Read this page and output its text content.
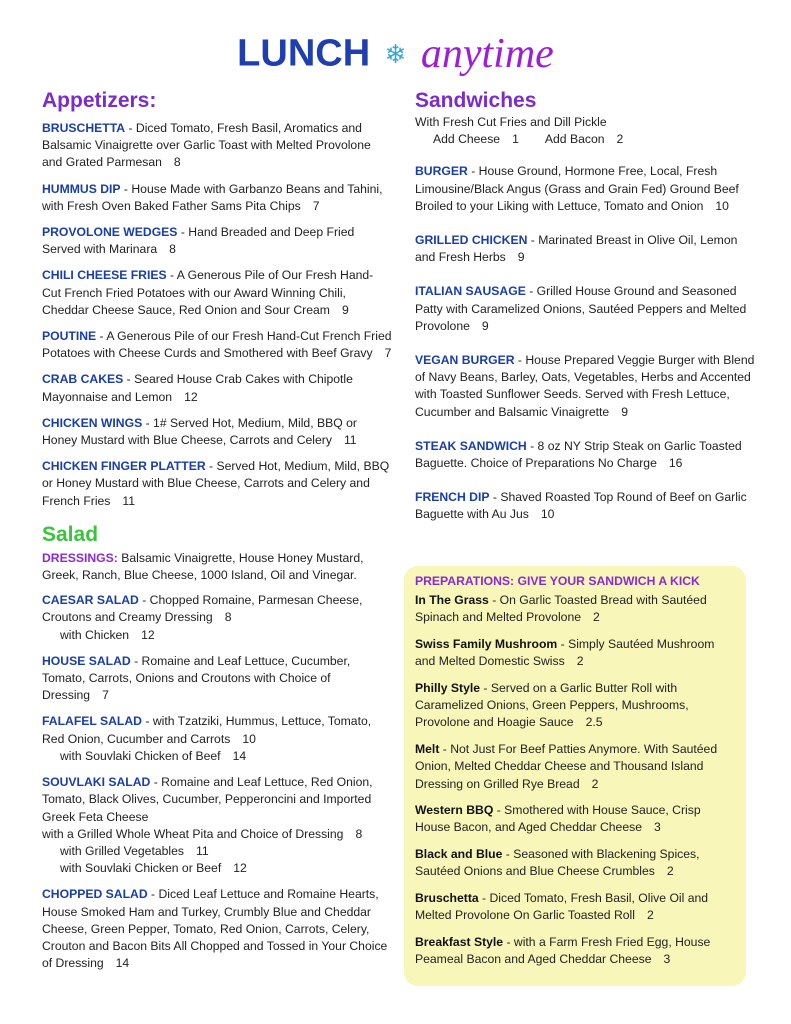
LUNCH ❄ anytime
Appetizers:
BRUSCHETTA - Diced Tomato, Fresh Basil, Aromatics and Balsamic Vinaigrette over Garlic Toast with Melted Provolone and Grated Parmesan 8
HUMMUS DIP - House Made with Garbanzo Beans and Tahini, with Fresh Oven Baked Father Sams Pita Chips 7
PROVOLONE WEDGES - Hand Breaded and Deep Fried Served with Marinara 8
CHILI CHEESE FRIES - A Generous Pile of Our Fresh Hand-Cut French Fried Potatoes with our Award Winning Chili, Cheddar Cheese Sauce, Red Onion and Sour Cream 9
POUTINE - A Generous Pile of our Fresh Hand-Cut French Fried Potatoes with Cheese Curds and Smothered with Beef Gravy 7
CRAB CAKES - Seared House Crab Cakes with Chipotle Mayonnaise and Lemon 12
CHICKEN WINGS - 1# Served Hot, Medium, Mild, BBQ or Honey Mustard with Blue Cheese, Carrots and Celery 11
CHICKEN FINGER PLATTER - Served Hot, Medium, Mild, BBQ or Honey Mustard with Blue Cheese, Carrots and Celery and French Fries 11
Salad
DRESSINGS: Balsamic Vinaigrette, House Honey Mustard, Greek, Ranch, Blue Cheese, 1000 Island, Oil and Vinegar.
CAESAR SALAD - Chopped Romaine, Parmesan Cheese, Croutons and Creamy Dressing 8
with Chicken 12
HOUSE SALAD - Romaine and Leaf Lettuce, Cucumber, Tomato, Carrots, Onions and Croutons with Choice of Dressing 7
FALAFEL SALAD - with Tzatziki, Hummus, Lettuce, Tomato, Red Onion, Cucumber and Carrots 10
with Souvlaki Chicken of Beef 14
SOUVLAKI SALAD - Romaine and Leaf Lettuce, Red Onion, Tomato, Black Olives, Cucumber, Pepperoncini and Imported Greek Feta Cheese
with a Grilled Whole Wheat Pita and Choice of Dressing 8
with Grilled Vegetables 11
with Souvlaki Chicken or Beef 12
CHOPPED SALAD - Diced Leaf Lettuce and Romaine Hearts, House Smoked Ham and Turkey, Crumbly Blue and Cheddar Cheese, Green Pepper, Tomato, Red Onion, Carrots, Celery, Crouton and Bacon Bits All Chopped and Tossed in Your Choice of Dressing 14
Sandwiches
With Fresh Cut Fries and Dill Pickle
Add Cheese 1 Add Bacon 2
BURGER - House Ground, Hormone Free, Local, Fresh Limousine/Black Angus (Grass and Grain Fed) Ground Beef Broiled to your Liking with Lettuce, Tomato and Onion 10
GRILLED CHICKEN - Marinated Breast in Olive Oil, Lemon and Fresh Herbs 9
ITALIAN SAUSAGE - Grilled House Ground and Seasoned Patty with Caramelized Onions, Sautéed Peppers and Melted Provolone 9
VEGAN BURGER - House Prepared Veggie Burger with Blend of Navy Beans, Barley, Oats, Vegetables, Herbs and Accented with Toasted Sunflower Seeds. Served with Fresh Lettuce, Cucumber and Balsamic Vinaigrette 9
STEAK SANDWICH - 8 oz NY Strip Steak on Garlic Toasted Baguette. Choice of Preparations No Charge 16
FRENCH DIP - Shaved Roasted Top Round of Beef on Garlic Baguette with Au Jus 10
PREPARATIONS: GIVE YOUR SANDWICH A KICK
In The Grass - On Garlic Toasted Bread with Sautéed Spinach and Melted Provolone 2
Swiss Family Mushroom - Simply Sautéed Mushroom and Melted Domestic Swiss 2
Philly Style - Served on a Garlic Butter Roll with Caramelized Onions, Green Peppers, Mushrooms, Provolone and Hoagie Sauce 2.5
Melt - Not Just For Beef Patties Anymore. With Sautéed Onion, Melted Cheddar Cheese and Thousand Island Dressing on Grilled Rye Bread 2
Western BBQ - Smothered with House Sauce, Crisp House Bacon, and Aged Cheddar Cheese 3
Black and Blue - Seasoned with Blackening Spices, Sautéed Onions and Blue Cheese Crumbles 2
Bruschetta - Diced Tomato, Fresh Basil, Olive Oil and Melted Provolone On Garlic Toasted Roll 2
Breakfast Style - with a Farm Fresh Fried Egg, House Peameal Bacon and Aged Cheddar Cheese 3
